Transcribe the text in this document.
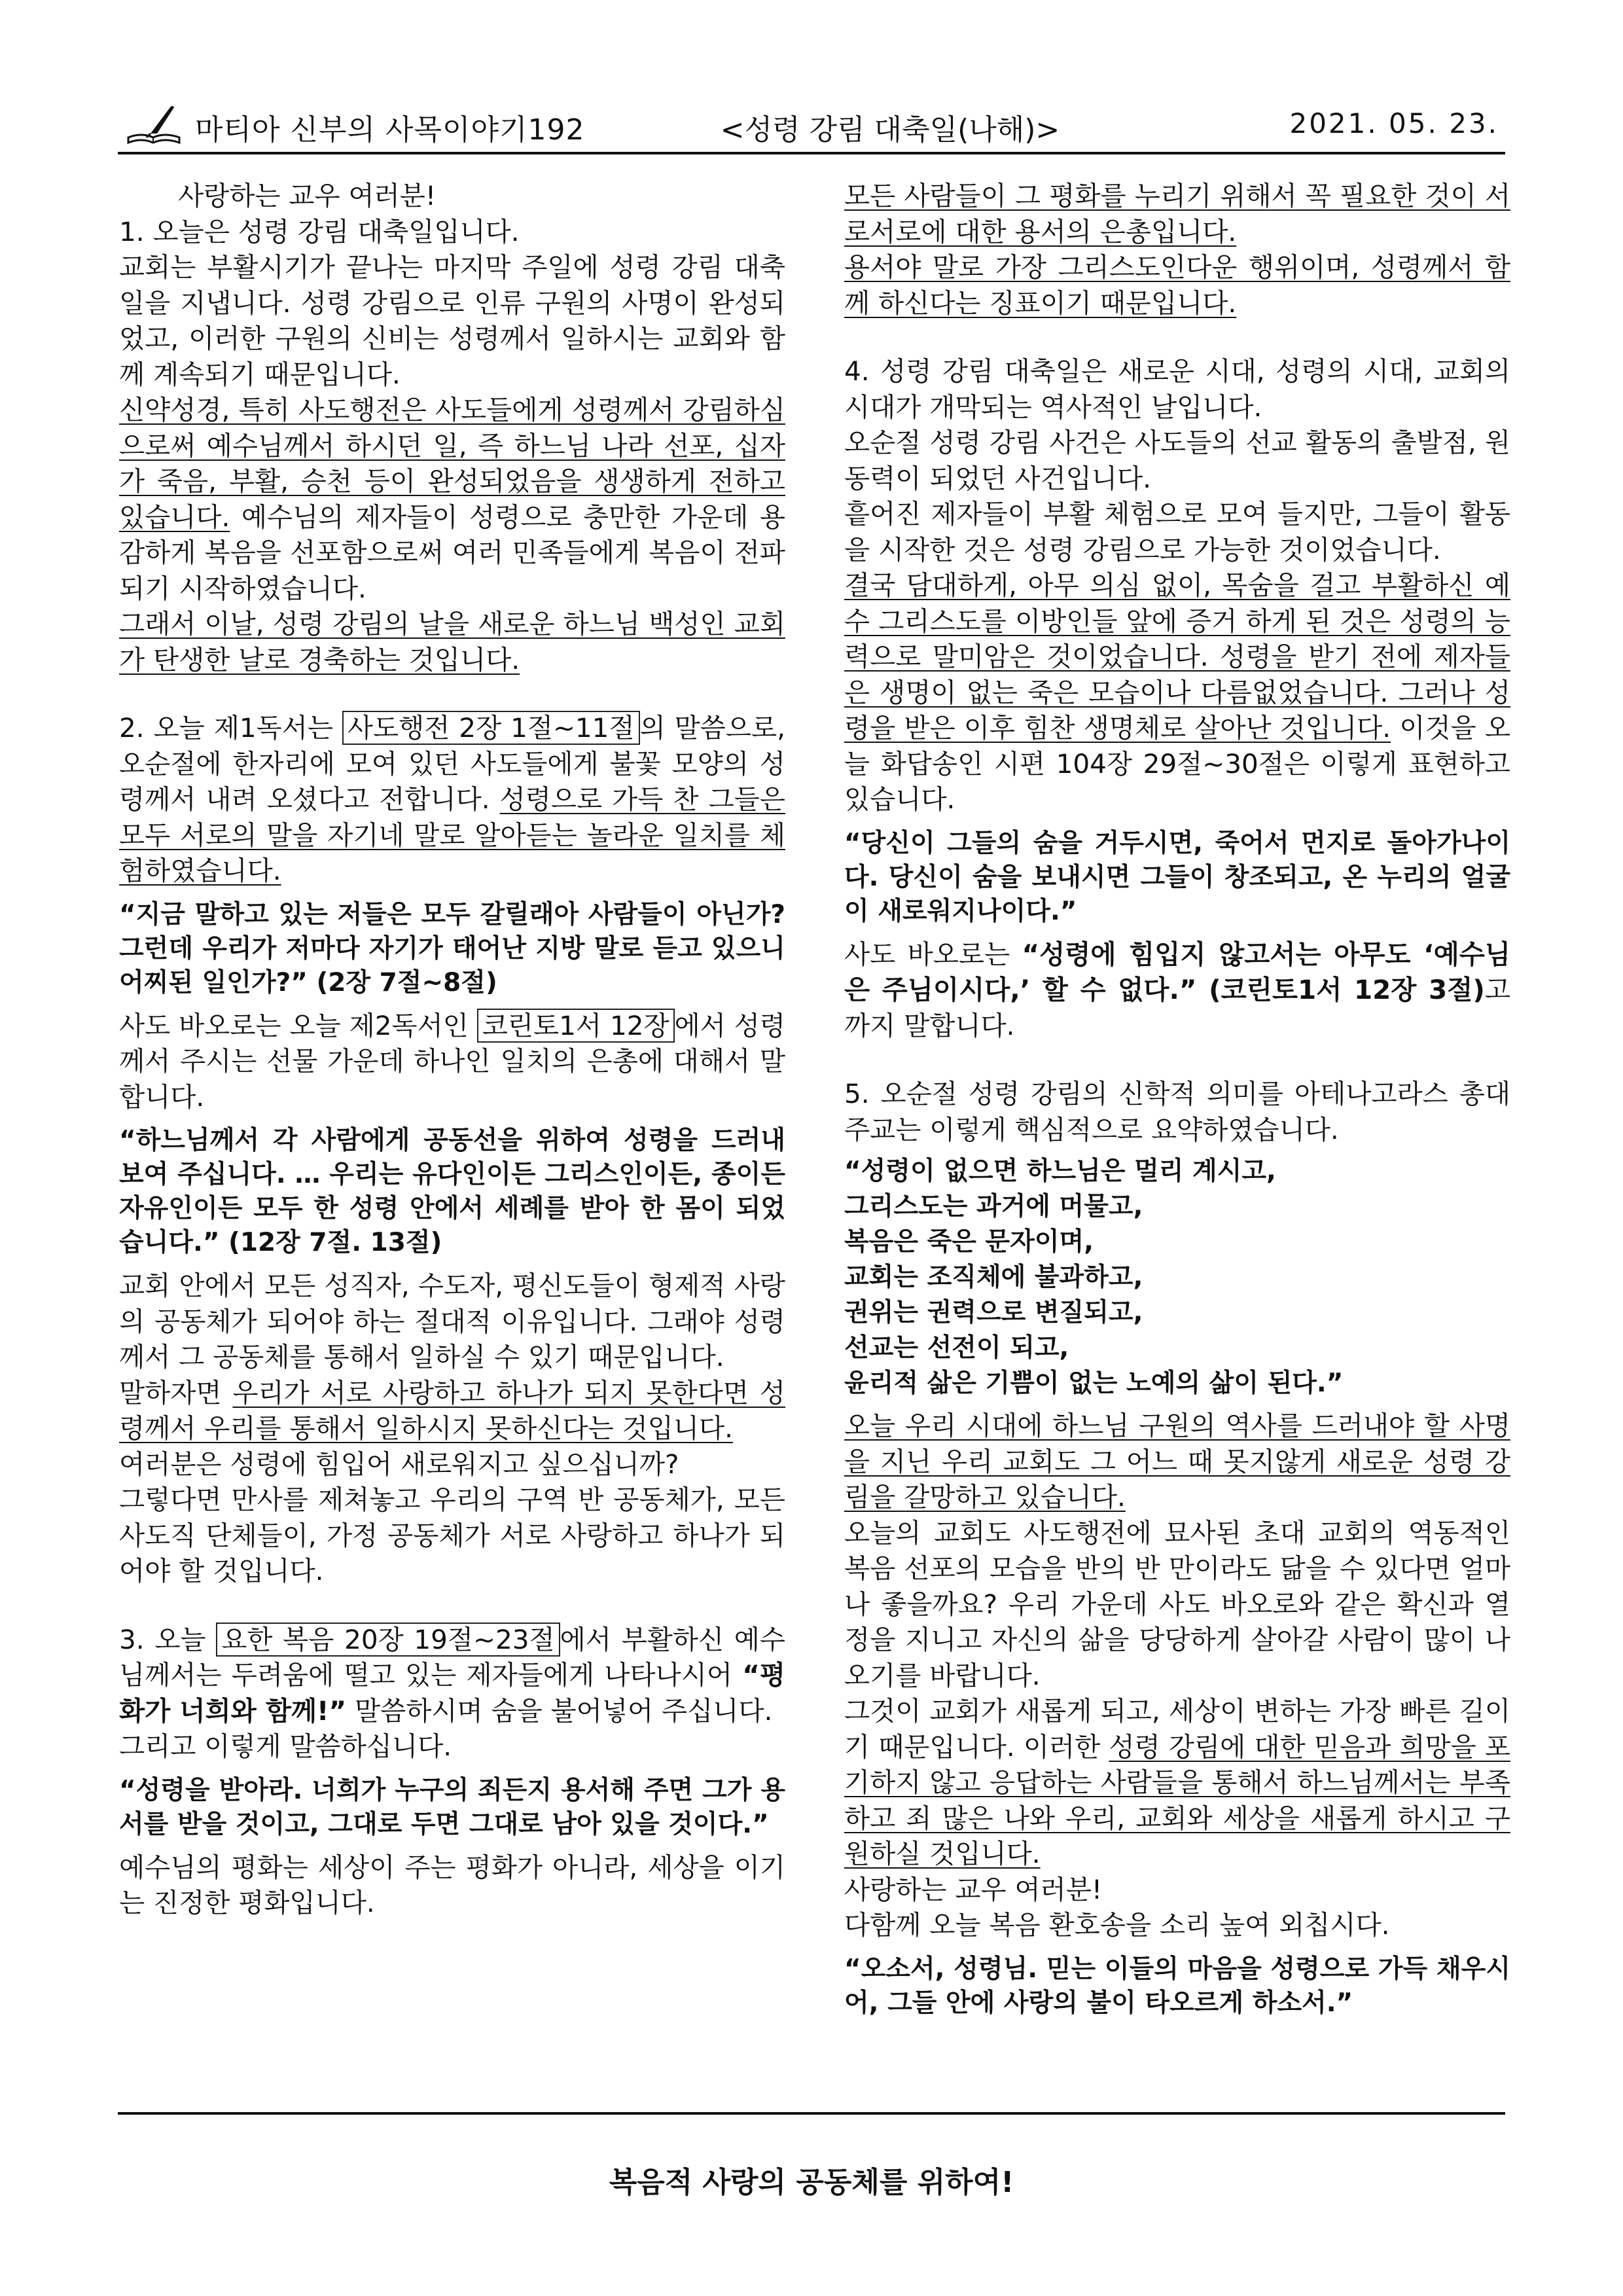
마티아 신부의 사목이야기192	<성령 강림 대축일(나해)>	2021. 05. 23.

사랑하는 교우 여러분!

1. 오늘은 성령 강림 대축일입니다.

교회는 부활시기가 끝나는 마지막 주일에 성령 강림 대축일을 지냅니다. 성령 강림으로 인류 구원의 사명이 완성되었고, 이러한 구원의 신비는 성령께서 일하시는 교회와 함께 계속되기 때문입니다.

신약성경, 특히 사도행전은 사도들에게 성령께서 강림하심으로써 예수님께서 하시던 일, 즉 하느님 나라 선포, 십자가 죽음, 부활, 승천 등이 완성되었음을 생생하게 전하고 있습니다. 예수님의 제자들이 성령으로 충만한 가운데 용감하게 복음을 선포함으로써 여러 민족들에게 복음이 전파되기 시작하였습니다.

그래서 이날, 성령 강림의 날을 새로운 하느님 백성인 교회가 탄생한 날로 경축하는 것입니다.

2. 오늘 제1독서는 사도행전 2장 1절~11절 의 말씀으로, 오순절에 한자리에 모여 있던 사도들에게 불꽃 모양의 성령께서 내려 오셨다고 전합니다. 성령으로 가득 찬 그들은 모두 서로의 말을 자기네 말로 알아듣는 놀라운 일치를 체험하였습니다.

“지금 말하고 있는 저들은 모두 갈릴래아 사람들이 아닌가? 그런데 우리가 저마다 자기가 태어난 지방 말로 듣고 있으니 어찌된 일인가?” (2장 7절~8절)

사도 바오로는 오늘 제2독서인 코린토1서 12장 에서 성령께서 주시는 선물 가운데 하나인 일치의 은총에 대해서 말합니다.

“하느님께서 각 사람에게 공동선을 위하여 성령을 드러내 보여 주십니다. … 우리는 유다인이든 그리스인이든, 종이든 자유인이든 모두 한 성령 안에서 세례를 받아 한 몸이 되었습니다.” (12장 7절. 13절)

교회 안에서 모든 성직자, 수도자, 평신도들이 형제적 사랑의 공동체가 되어야 하는 절대적 이유입니다. 그래야 성령께서 그 공동체를 통해서 일하실 수 있기 때문입니다.

말하자면 우리가 서로 사랑하고 하나가 되지 못한다면 성령께서 우리를 통해서 일하시지 못하신다는 것입니다.

여러분은 성령에 힘입어 새로워지고 싶으십니까?

그렇다면 만사를 제쳐놓고 우리의 구역 반 공동체가, 모든 사도직 단체들이, 가정 공동체가 서로 사랑하고 하나가 되어야 할 것입니다.

3. 오늘 요한 복음 20장 19절~23절 에서 부활하신 예수님께서는 두려움에 떨고 있는 제자들에게 나타나시어 “평화가 너희와 함께!” 말씀하시며 숨을 불어넣어 주십니다.

그리고 이렇게 말씀하십니다.

“성령을 받아라. 너희가 누구의 죄든지 용서해 주면 그가 용서를 받을 것이고, 그대로 두면 그대로 남아 있을 것이다.”

예수님의 평화는 세상이 주는 평화가 아니라, 세상을 이기는 진정한 평화입니다.

모든 사람들이 그 평화를 누리기 위해서 꼭 필요한 것이 서로서로에 대한 용서의 은총입니다.

용서야 말로 가장 그리스도인다운 행위이며, 성령께서 함께 하신다는 징표이기 때문입니다.

4. 성령 강림 대축일은 새로운 시대, 성령의 시대, 교회의 시대가 개막되는 역사적인 날입니다.

오순절 성령 강림 사건은 사도들의 선교 활동의 출발점, 원동력이 되었던 사건입니다.

흩어진 제자들이 부활 체험으로 모여 들지만, 그들이 활동을 시작한 것은 성령 강림으로 가능한 것이었습니다.

결국 담대하게, 아무 의심 없이, 목숨을 걸고 부활하신 예수 그리스도를 이방인들 앞에 증거 하게 된 것은 성령의 능력으로 말미암은 것이었습니다. 성령을 받기 전에 제자들은 생명이 없는 죽은 모습이나 다름없었습니다. 그러나 성령을 받은 이후 힘찬 생명체로 살아난 것입니다. 이것을 오늘 화답송인 시편 104장 29절~30절은 이렇게 표현하고 있습니다.

“당신이 그들의 숨을 거두시면, 죽어서 먼지로 돌아가나이다. 당신이 숨을 보내시면 그들이 창조되고, 온 누리의 얼굴이 새로워지나이다.”

사도 바오로는 “성령에 힘입지 않고서는 아무도 ‘예수님은 주님이시다,’ 할 수 없다.” (코린토1서 12장 3절)고 까지 말합니다.

5. 오순절 성령 강림의 신학적 의미를 아테나고라스 총대주교는 이렇게 핵심적으로 요약하였습니다.

“성령이 없으면 하느님은 멀리 계시고,
그리스도는 과거에 머물고,
복음은 죽은 문자이며,
교회는 조직체에 불과하고,
권위는 권력으로 변질되고,
선교는 선전이 되고,
윤리적 삶은 기쁨이 없는 노예의 삶이 된다.”

오늘 우리 시대에 하느님 구원의 역사를 드러내야 할 사명을 지닌 우리 교회도 그 어느 때 못지않게 새로운 성령 강림을 갈망하고 있습니다.

오늘의 교회도 사도행전에 묘사된 초대 교회의 역동적인 복음 선포의 모습을 반의 반 만이라도 닮을 수 있다면 얼마나 좋을까요? 우리 가운데 사도 바오로와 같은 확신과 열정을 지니고 자신의 삶을 당당하게 살아갈 사람이 많이 나오기를 바랍니다.

그것이 교회가 새롭게 되고, 세상이 변하는 가장 빠른 길이기 때문입니다. 이러한 성령 강림에 대한 믿음과 희망을 포기하지 않고 응답하는 사람들을 통해서 하느님께서는 부족하고 죄 많은 나와 우리, 교회와 세상을 새롭게 하시고 구원하실 것입니다.

사랑하는 교우 여러분!

다함께 오늘 복음 환호송을 소리 높여 외칩시다.

“오소서, 성령님. 믿는 이들의 마음을 성령으로 가득 채우시어, 그들 안에 사랑의 불이 타오르게 하소서.”

복음적 사랑의 공동체를 위하여!
